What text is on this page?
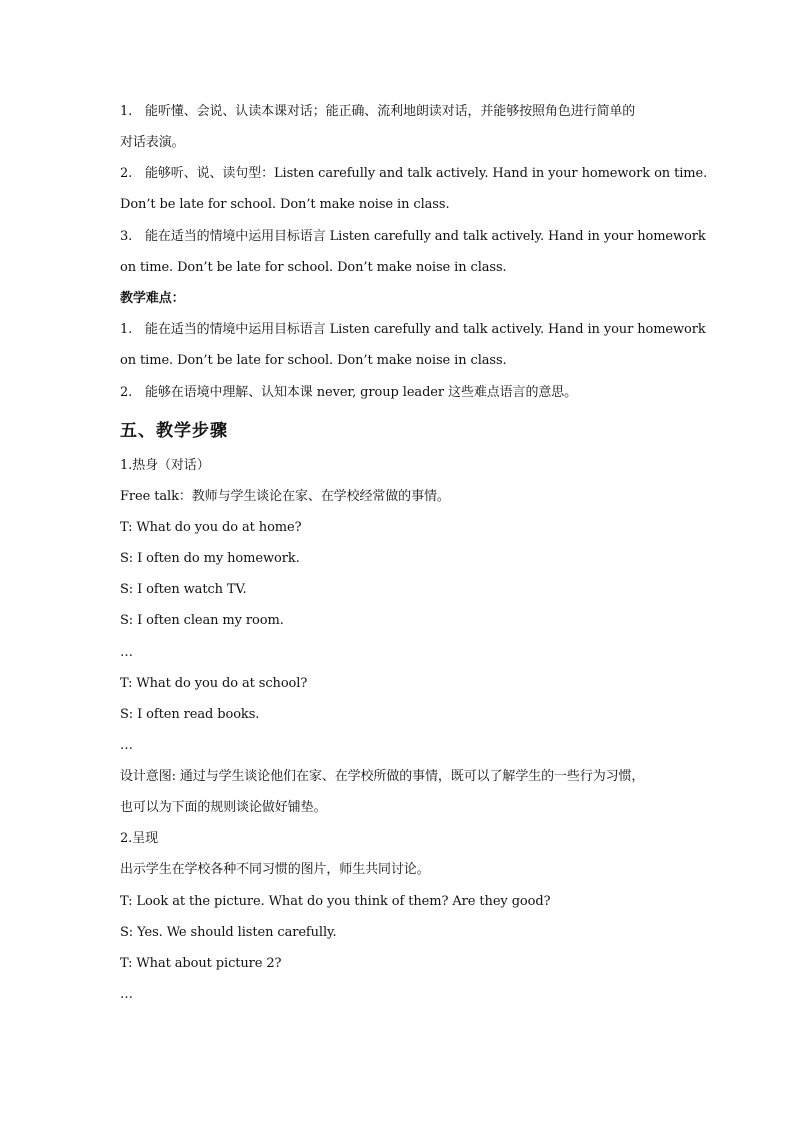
1. 能听懂、会说、认读本课对话；能正确、流利地朗读对话，并能够按照角色进行简单的
对话表演。
2. 能够听、说、读句型：Listen carefully and talk actively. Hand in your homework on time.
Don’t be late for school. Don’t make noise in class.
3. 能在适当的情境中运用目标语言 Listen carefully and talk actively. Hand in your homework
on time. Don’t be late for school. Don’t make noise in class.
教学难点：
1. 能在适当的情境中运用目标语言 Listen carefully and talk actively. Hand in your homework
on time. Don’t be late for school. Don’t make noise in class.
2. 能够在语境中理解、认知本课 never, group leader 这些难点语言的意思。
五、教学步骤
1.热身（对话）
Free talk：教师与学生谈论在家、在学校经常做的事情。
T: What do you do at home?
S: I often do my homework.
S: I often watch TV.
S: I often clean my room.
…
T: What do you do at school?
S: I often read books.
…
设计意图: 通过与学生谈论他们在家、在学校所做的事情，既可以了解学生的一些行为习惯，
也可以为下面的规则谈论做好铺垫。
2.呈现
出示学生在学校各种不同习惯的图片，师生共同讨论。
T: Look at the picture. What do you think of them? Are they good?
S: Yes. We should listen carefully.
T: What about picture 2?
…
